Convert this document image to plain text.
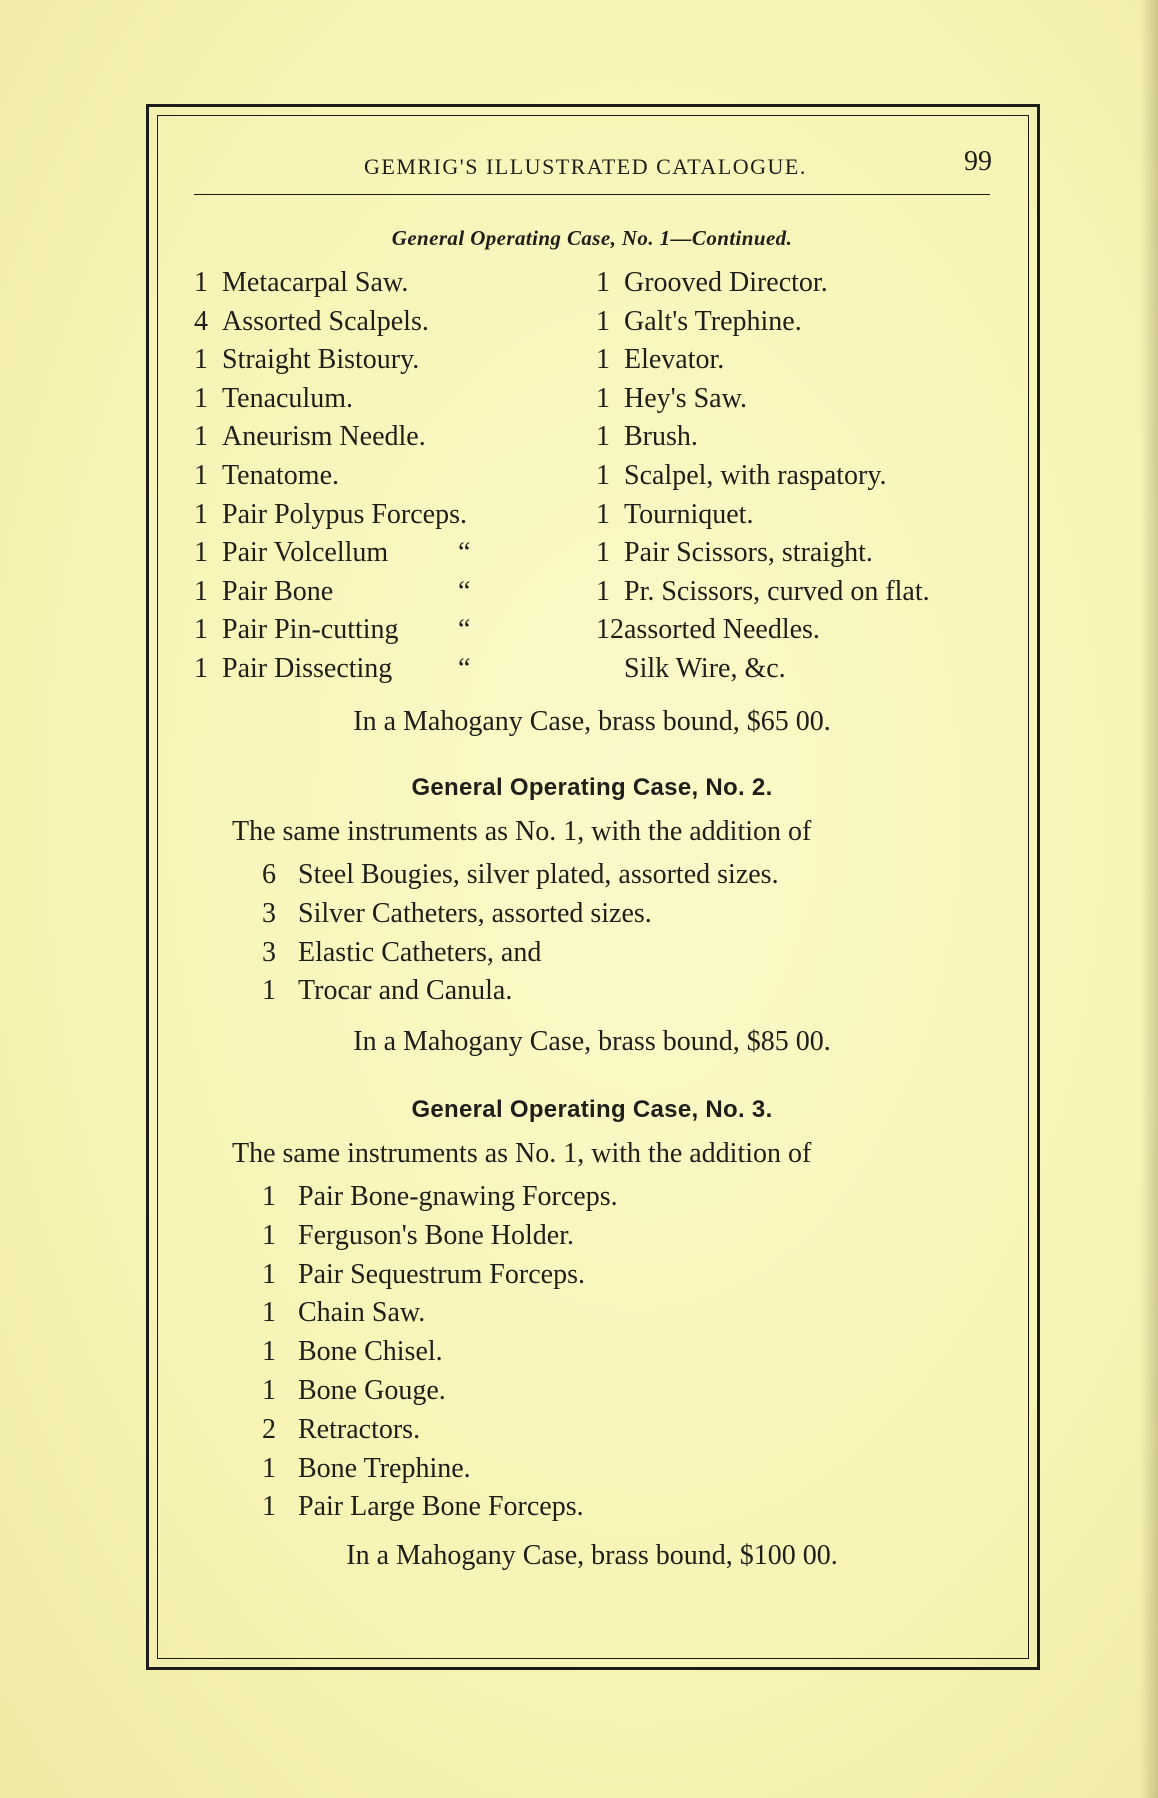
GEMRIG'S ILLUSTRATED CATALOGUE.	99
General Operating Case, No. 1—Continued.
1 Metacarpal Saw.
4 Assorted Scalpels.
1 Straight Bistoury.
1 Tenaculum.
1 Aneurism Needle.
1 Tenatome.
1 Pair Polypus Forceps.
1 Pair Volcellum “
1 Pair Bone	“
1 Pair Pin-cutting “
1 Pair Dissecting “
1 Grooved Director.
1 Galt's Trephine.
1 Elevator.
1 Hey's Saw.
1 Brush.
1 Scalpel, with raspatory.
1 Tourniquet.
1 Pair Scissors, straight.
1 Pr. Scissors, curved on flat.
12assorted Needles.
Silk Wire, &c.
In a Mahogany Case, brass bound, $65 00.
General Operating Case, No. 2.
The same instruments as No. 1, with the addition of
6 Steel Bougies, silver plated, assorted sizes.
3 Silver Catheters, assorted sizes.
3 Elastic Catheters, and
1 Trocar and Canula.
In a Mahogany Case, brass bound, $85 00.
General Operating Case, No. 3.
The same instruments as No. 1, with the addition of
1 Pair Bone-gnawing Forceps.
1 Ferguson's Bone Holder.
1 Pair Sequestrum Forceps.
1 Chain Saw.
1 Bone Chisel.
1 Bone Gouge.
2 Retractors.
1 Bone Trephine.
1 Pair Large Bone Forceps.
In a Mahogany Case, brass bound, $100 00.
